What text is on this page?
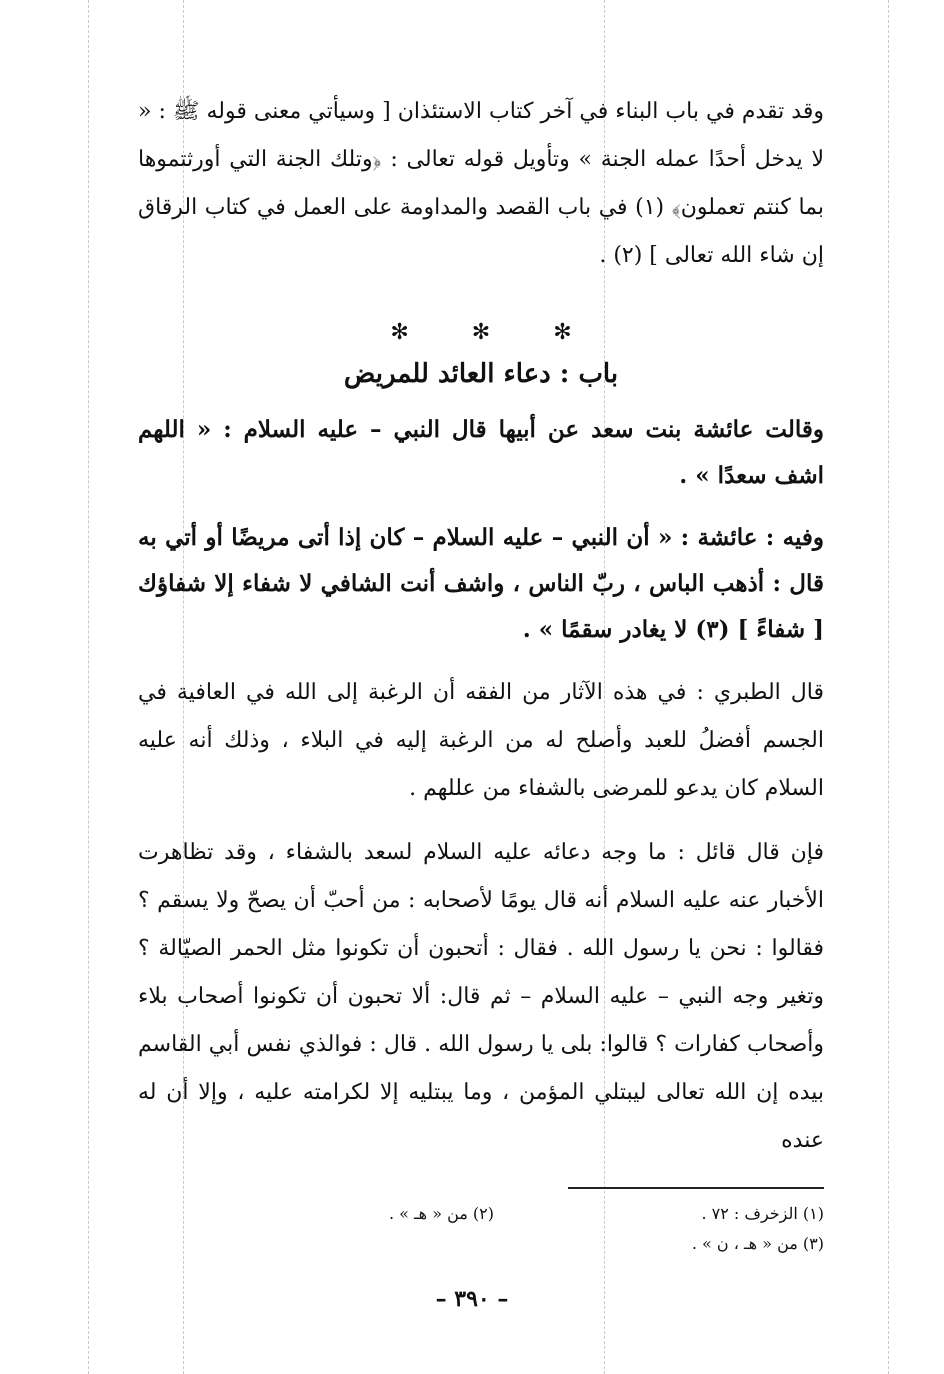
وقد تقدم في باب البناء في آخر كتاب الاستئذان [ وسيأتي معنى قوله ﷺ : « لا يدخل أحدًا عمله الجنة » وتأويل قوله تعالى : ﴿وتلك الجنة التي أورثتموها بما كنتم تعملون﴾ (١) في باب القصد والمداومة على العمل في كتاب الرقاق إن شاء الله تعالى ] (٢) .

✻ ✻ ✻
باب : دعاء العائد للمريض

وقالت عائشة بنت سعد عن أبيها قال النبي – عليه السلام : « اللهم اشف سعدًا » .

وفيه : عائشة : « أن النبي – عليه السلام – كان إذا أتى مريضًا أو أتي به قال : أذهب الباس ، ربّ الناس ، واشف أنت الشافي لا شفاء إلا شفاؤك [ شفاءً ] (٣) لا يغادر سقمًا » .

قال الطبري : في هذه الآثار من الفقه أن الرغبة إلى الله في العافية في الجسم أفضلُ للعبد وأصلح له من الرغبة إليه في البلاء ، وذلك أنه عليه السلام كان يدعو للمرضى بالشفاء من عللهم .

فإن قال قائل : ما وجه دعائه عليه السلام لسعد بالشفاء ، وقد تظاهرت الأخبار عنه عليه السلام أنه قال يومًا لأصحابه : من أحبّ أن يصحّ ولا يسقم ؟ فقالوا : نحن يا رسول الله . فقال : أتحبون أن تكونوا مثل الحمر الصيّالة ؟ وتغير وجه النبي – عليه السلام – ثم قال: ألا تحبون أن تكونوا أصحاب بلاء وأصحاب كفارات ؟ قالوا: بلى يا رسول الله . قال : فوالذي نفس أبي القاسم بيده إن الله تعالى ليبتلي المؤمن ، وما يبتليه إلا لكرامته عليه ، وإلا أن له عنده

(١) الزخرف : ٧٢ .
(٢) من « هـ » .
(٣) من « هـ ، ن » .
– ٣٩٠ –
